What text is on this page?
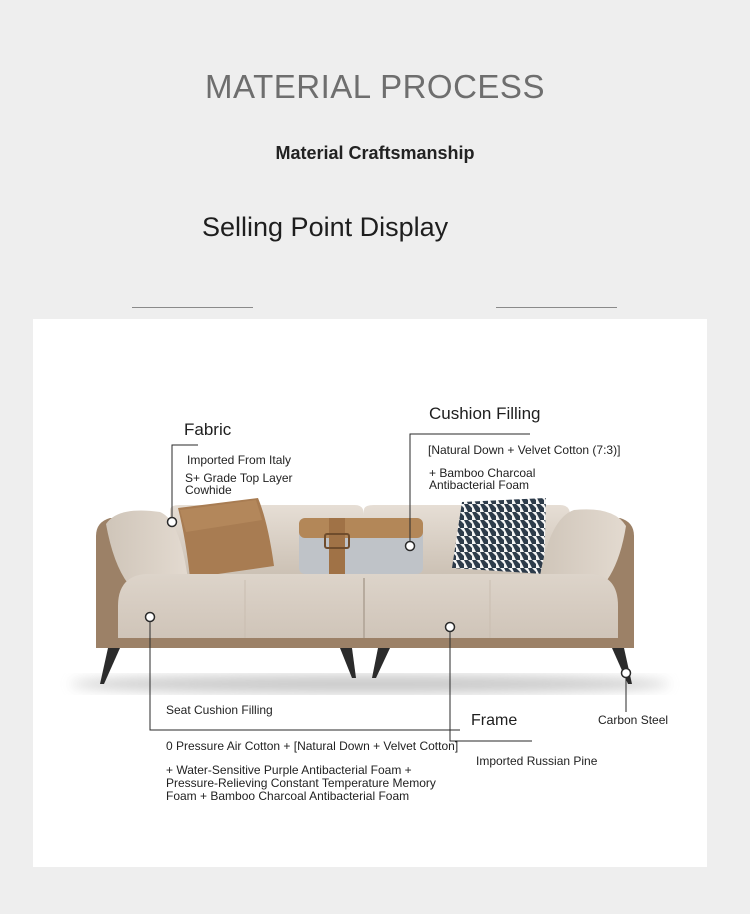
MATERIAL PROCESS
Material Craftsmanship
Selling Point Display
Fabric
Imported From Italy
S+ Grade Top Layer
Cowhide
Cushion Filling
[Natural Down + Velvet Cotton (7:3)]
+ Bamboo Charcoal
Antibacterial Foam
Seat Cushion Filling
0 Pressure Air Cotton + [Natural Down + Velvet Cotton]
+ Water-Sensitive Purple Antibacterial Foam +
Pressure-Relieving Constant Temperature Memory
Foam + Bamboo Charcoal Antibacterial Foam
Frame
Imported Russian Pine
Carbon Steel
